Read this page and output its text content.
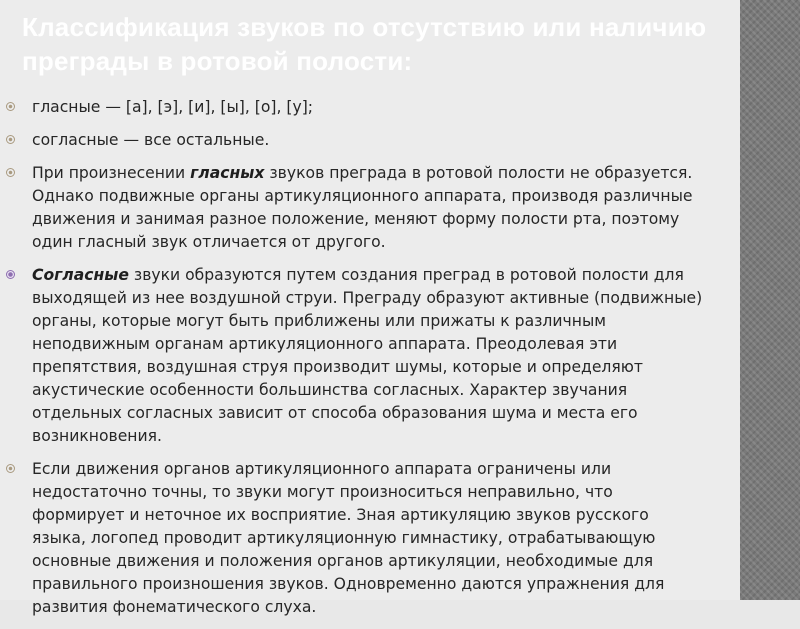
Классификация звуков по отсутствию или наличию преграды в ротовой полости:
гласные — [а], [э], [и], [ы], [о], [у];
согласные — все остальные.
При произнесении гласных звуков преграда в ротовой полости не образуется. Однако подвижные органы артикуляционного аппарата, производя различные движения и занимая разное положение, меняют форму полости рта, поэтому один гласный звук отличается от другого.
Согласные звуки образуются путем создания преград в ротовой полости для выходящей из нее воздушной струи. Преграду образуют активные (подвижные) органы, которые могут быть приближены или прижаты к различным неподвижным органам артикуляционного аппарата. Преодолевая эти препятствия, воздушная струя производит шумы, которые и определяют акустические особенности большинства согласных. Характер звучания отдельных согласных зависит от способа образования шума и места его возникновения.
Если движения органов артикуляционного аппарата ограничены или недостаточно точны, то звуки могут произноситься неправильно, что формирует и неточное их восприятие. Зная артикуляцию звуков русского языка, логопед проводит артикуляционную гимнастику, отрабатывающую основные движения и положения органов артикуляции, необходимые для правильного произношения звуков. Одновременно даются упражнения для развития фонематического слуха.
